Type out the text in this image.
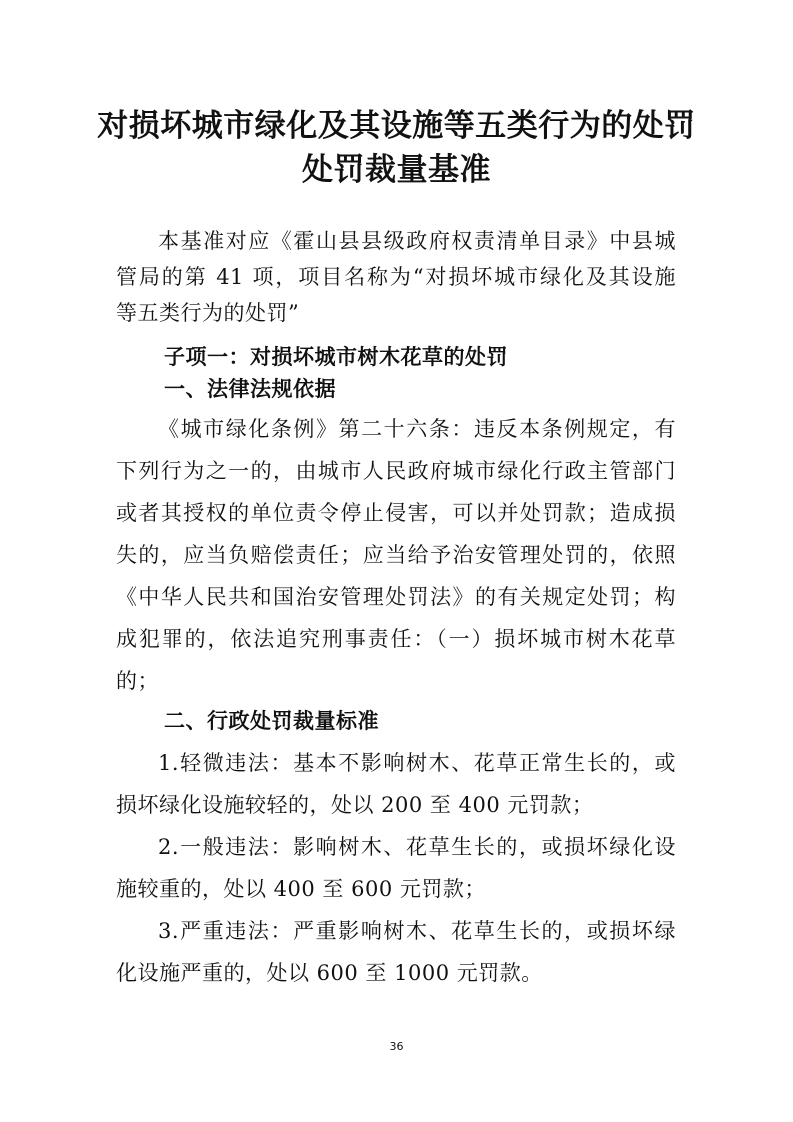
对损坏城市绿化及其设施等五类行为的处罚
处罚裁量基准
本基准对应《霍山县县级政府权责清单目录》中县城
管局的第 41 项，项目名称为“对损坏城市绿化及其设施
等五类行为的处罚”
子项一：对损坏城市树木花草的处罚
一、法律法规依据
《城市绿化条例》第二十六条：违反本条例规定，有
下列行为之一的，由城市人民政府城市绿化行政主管部门
或者其授权的单位责令停止侵害，可以并处罚款；造成损
失的，应当负赔偿责任；应当给予治安管理处罚的，依照
《中华人民共和国治安管理处罚法》的有关规定处罚；构
成犯罪的，依法追究刑事责任：（一）损坏城市树木花草
的；
二、行政处罚裁量标准
1.轻微违法：基本不影响树木、花草正常生长的，或
损坏绿化设施较轻的，处以 200 至 400 元罚款；
2.一般违法：影响树木、花草生长的，或损坏绿化设
施较重的，处以 400 至 600 元罚款；
3.严重违法：严重影响树木、花草生长的，或损坏绿
化设施严重的，处以 600 至 1000 元罚款。
36
